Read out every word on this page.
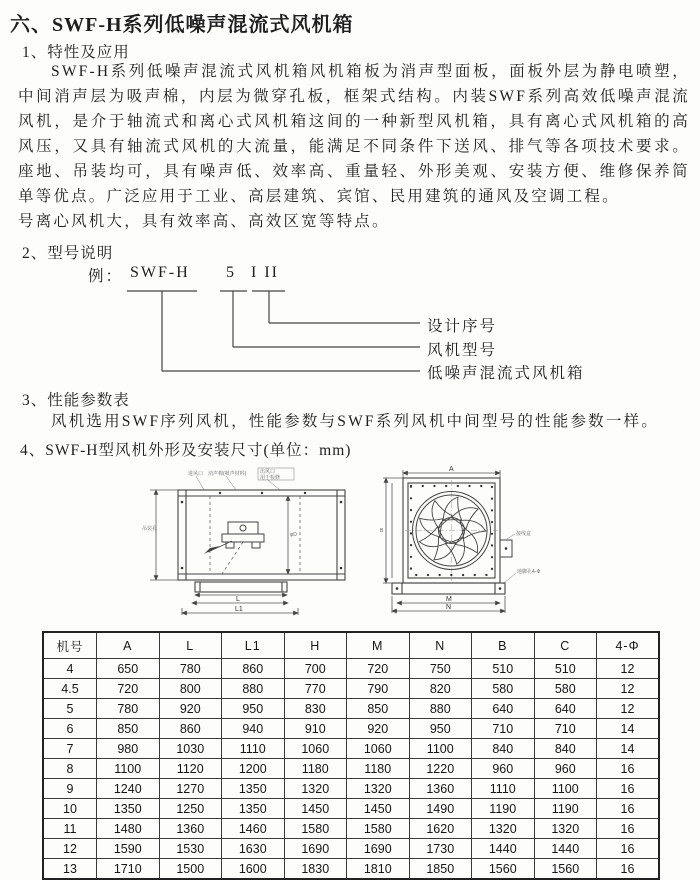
六、SWF-H系列低噪声混流式风机箱
1、特性及应用

SWF-H系列低噪声混流式风机箱风机箱板为消声型面板，面板外层为静电喷塑，中间消声层为吸声棉，内层为微穿孔板，框架式结构。内装SWF系列高效低噪声混流风机，是介于轴流式和离心式风机箱这间的一种新型风机箱，具有离心式风机箱的高风压，又具有轴流式风机的大流量，能满足不同条件下送风、排气等各项技术要求。座地、吊装均可，具有噪声低、效率高、重量轻、外形美观、安装方便、维修保养简单等优点。广泛应用于工业、高层建筑、宾馆、民用建筑的通风及空调工程。

号离心风机大，具有效率高、高效区宽等特点。

2、型号说明
例： SWF-H 5 I II
设计序号
风机型号
低噪声混流式风机箱
3、性能参数表

风机选用SWF序列风机，性能参数与SWF系列风机中间型号的性能参数一样。

4、SWF-H型风机外形及安装尺寸(单位：mm)
进风口 消声棉(吸声材料)	出风口
用于检修
L
L1
吊装孔
φD
A
接线盒
地脚孔4-Φ
M
N
B
机号	A	L	L1	H	M	N	B	C	4-Φ
4	650	780	860	700	720	750	510	510	12
4.5	720	800	880	770	790	820	580	580	12
5	780	920	950	830	850	880	640	640	12
6	850	860	940	910	920	950	710	710	14
7	980	1030	1110	1060	1060	1100	840	840	14
8	1100	1120	1200	1180	1180	1220	960	960	16
9	1240	1270	1350	1320	1320	1360	1110	1100	16
10	1350	1250	1350	1450	1450	1490	1190	1190	16
11	1480	1360	1460	1580	1580	1620	1320	1320	16
12	1590	1530	1630	1690	1690	1730	1440	1440	16
13	1710	1500	1600	1830	1810	1850	1560	1560	16
